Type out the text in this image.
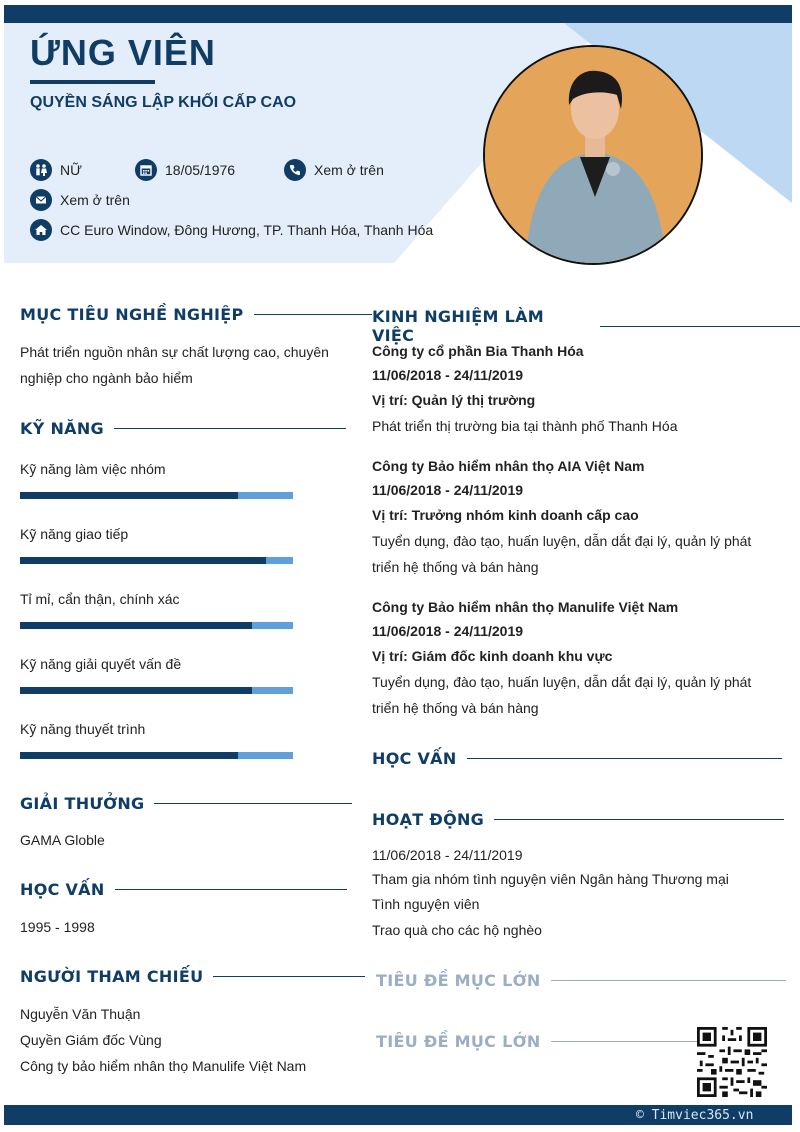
ỨNG VIÊN
QUYỀN SÁNG LẬP KHỐI CẤP CAO
NỮ	18/05/1976	Xem ở trên
Xem ở trên
CC Euro Window, Đông Hương, TP. Thanh Hóa, Thanh Hóa
MỤC TIÊU NGHỀ NGHIỆP
Phát triển nguồn nhân sự chất lượng cao, chuyên
nghiệp cho ngành bảo hiểm
KỸ NĂNG
Kỹ năng làm việc nhóm
Kỹ năng giao tiếp
Tỉ mỉ, cẩn thận, chính xác
Kỹ năng giải quyết vấn đề
Kỹ năng thuyết trình
GIẢI THƯỞNG
GAMA Globle
HỌC VẤN
1995 - 1998
NGƯỜI THAM CHIẾU
Nguyễn Văn Thuận
Quyền Giám đốc Vùng
Công ty bảo hiểm nhân thọ Manulife Việt Nam
KINH NGHIỆM LÀM VIỆC
Công ty cổ phần Bia Thanh Hóa
11/06/2018 - 24/11/2019
Vị trí: Quản lý thị trường
Phát triển thị trường bia tại thành phố Thanh Hóa
Công ty Bảo hiểm nhân thọ AIA Việt Nam
11/06/2018 - 24/11/2019
Vị trí: Trưởng nhóm kinh doanh cấp cao
Tuyển dụng, đào tạo, huấn luyện, dẫn dắt đại lý, quản lý phát
triển hệ thống và bán hàng
Công ty Bảo hiểm nhân thọ Manulife Việt Nam
11/06/2018 - 24/11/2019
Vị trí: Giám đốc kinh doanh khu vực
Tuyển dụng, đào tạo, huấn luyện, dẫn dắt đại lý, quản lý phát
triển hệ thống và bán hàng
HỌC VẤN
HOẠT ĐỘNG
11/06/2018 - 24/11/2019
Tham gia nhóm tình nguyện viên Ngân hàng Thương mại
Tình nguyện viên
Trao quà cho các hộ nghèo
TIÊU ĐỀ MỤC LỚN
TIÊU ĐỀ MỤC LỚN
© Timviec365.vn
